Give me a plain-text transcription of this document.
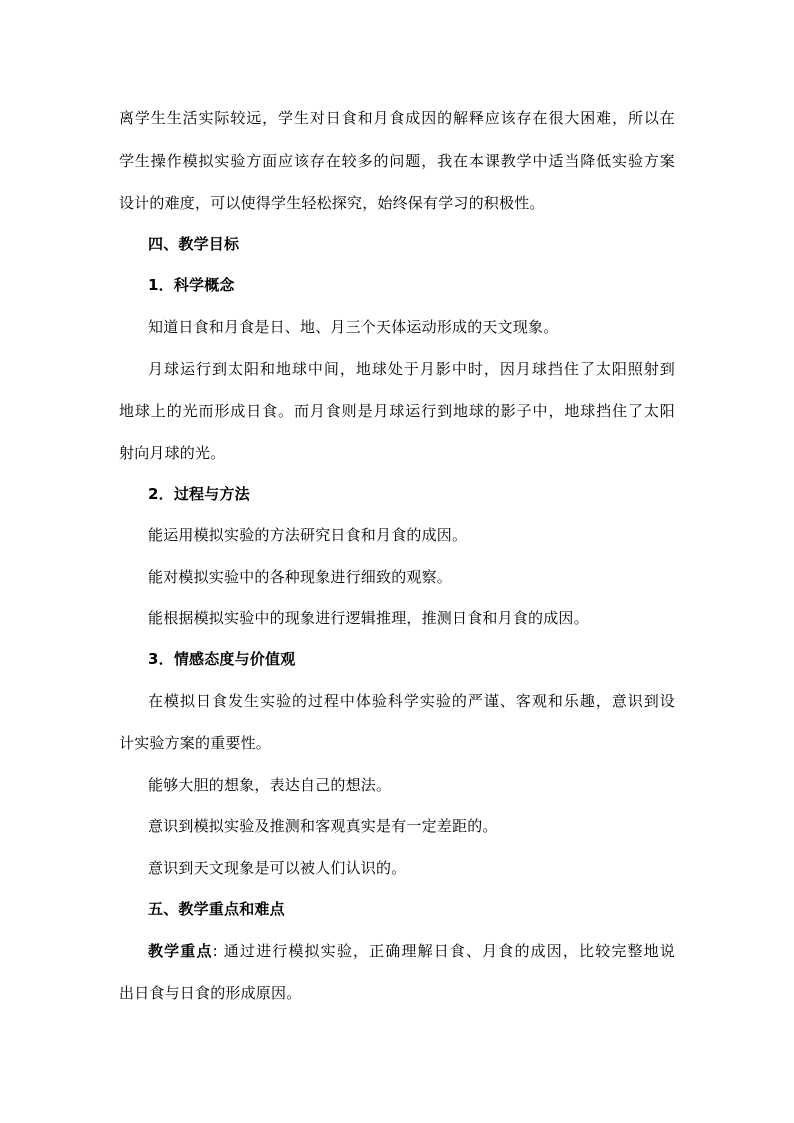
离学生生活实际较远，学生对日食和月食成因的解释应该存在很大困难，所以在
学生操作模拟实验方面应该存在较多的问题，我在本课教学中适当降低实验方案
设计的难度，可以使得学生轻松探究，始终保有学习的积极性。
四、教学目标
1．科学概念
知道日食和月食是日、地、月三个天体运动形成的天文现象。
月球运行到太阳和地球中间，地球处于月影中时，因月球挡住了太阳照射到
地球上的光而形成日食。而月食则是月球运行到地球的影子中，地球挡住了太阳
射向月球的光。
2．过程与方法
能运用模拟实验的方法研究日食和月食的成因。
能对模拟实验中的各种现象进行细致的观察。
能根据模拟实验中的现象进行逻辑推理，推测日食和月食的成因。
3．情感态度与价值观
在模拟日食发生实验的过程中体验科学实验的严谨、客观和乐趣，意识到设
计实验方案的重要性。
能够大胆的想象，表达自己的想法。
意识到模拟实验及推测和客观真实是有一定差距的。
意识到天文现象是可以被人们认识的。
五、教学重点和难点
教学重点: 通过进行模拟实验，正确理解日食、月食的成因，比较完整地说
出日食与日食的形成原因。
